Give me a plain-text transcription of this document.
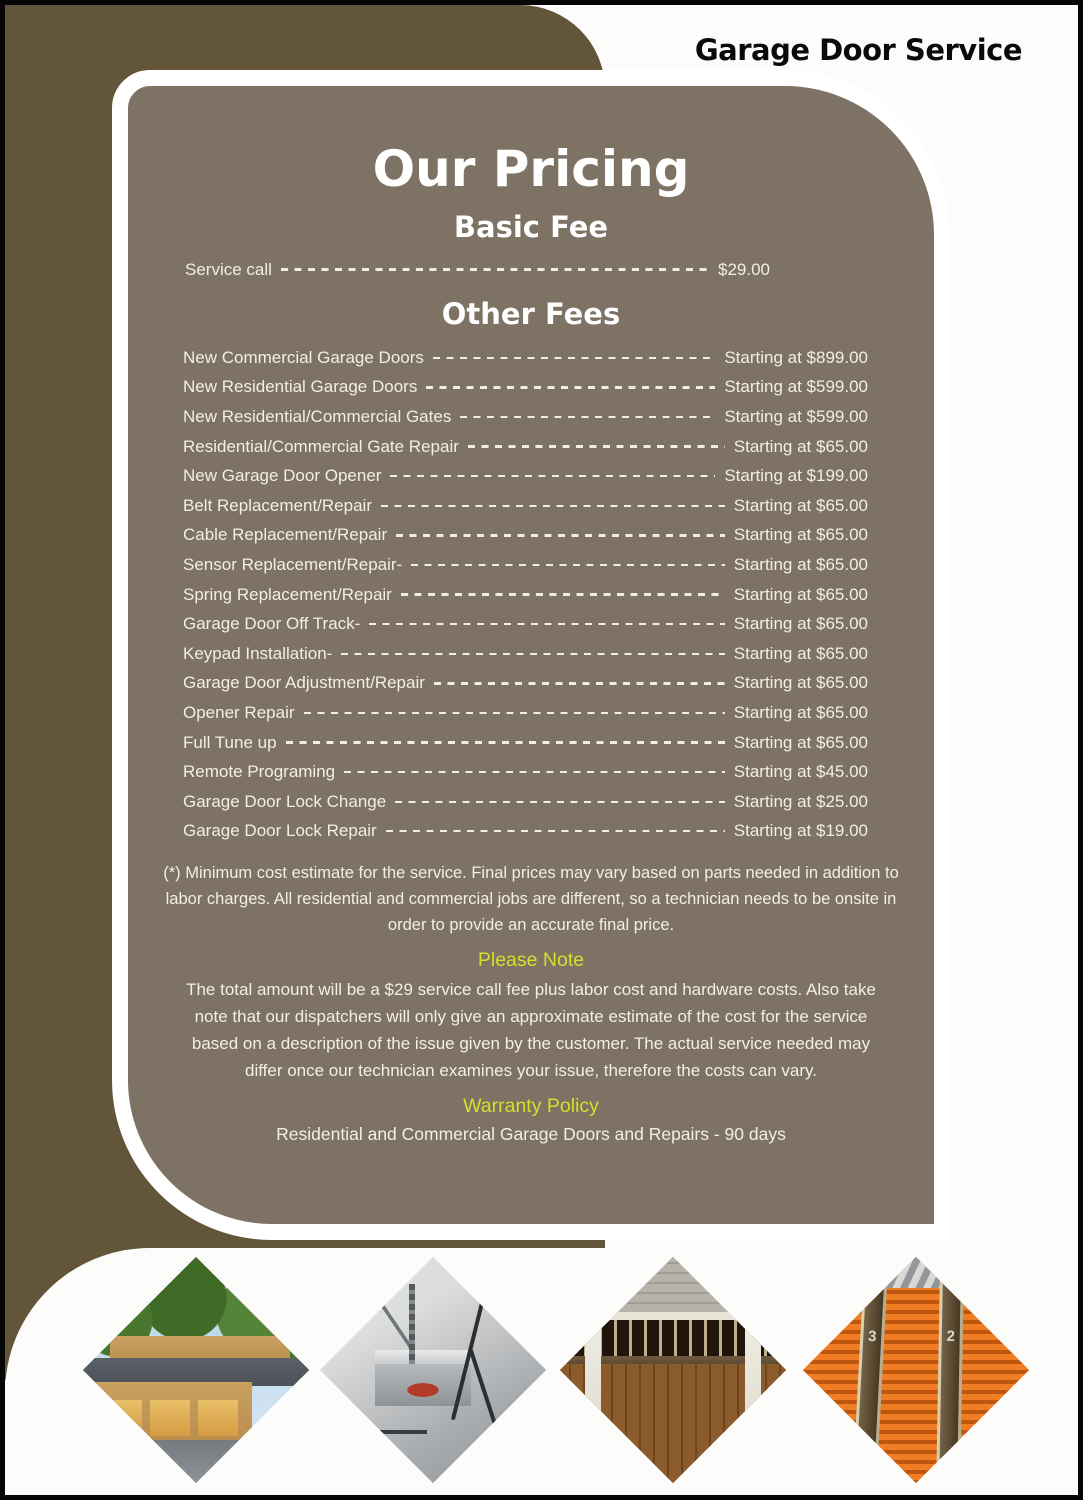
Garage Door Service
Our Pricing
Basic Fee
Service call	$29.00
Other Fees
New Commercial Garage Doors	Starting at $899.00
New Residential Garage Doors	Starting at $599.00
New Residential/Commercial Gates	Starting at $599.00
Residential/Commercial Gate Repair	Starting at $65.00
New Garage Door Opener	Starting at $199.00
Belt Replacement/Repair	Starting at $65.00
Cable Replacement/Repair	Starting at $65.00
Sensor Replacement/Repair-	Starting at $65.00
Spring Replacement/Repair	Starting at $65.00
Garage Door Off Track-	Starting at $65.00
Keypad Installation-	Starting at $65.00
Garage Door Adjustment/Repair	Starting at $65.00
Opener Repair	Starting at $65.00
Full Tune up	Starting at $65.00
Remote Programing	Starting at $45.00
Garage Door Lock Change	Starting at $25.00
Garage Door Lock Repair	Starting at $19.00

(*) Minimum cost estimate for the service. Final prices may vary based on parts needed in addition to labor charges. All residential and commercial jobs are different, so a technician needs to be onsite in order to provide an accurate final price.

Please Note

The total amount will be a $29 service call fee plus labor cost and hardware costs. Also take note that our dispatchers will only give an approximate estimate of the cost for the service based on a description of the issue given by the customer. The actual service needed may differ once our technician examines your issue, therefore the costs can vary.

Warranty Policy

Residential and Commercial Garage Doors and Repairs - 90 days

3	2
